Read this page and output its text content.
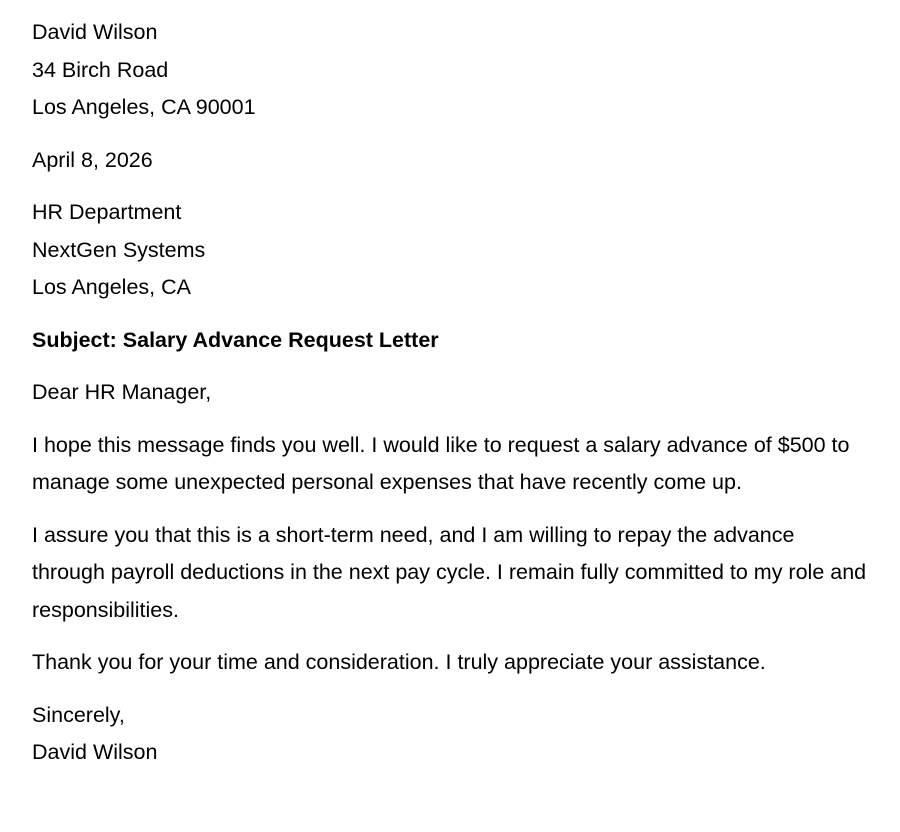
David Wilson
34 Birch Road
Los Angeles, CA 90001
April 8, 2026
HR Department
NextGen Systems
Los Angeles, CA
Subject: Salary Advance Request Letter
Dear HR Manager,

I hope this message finds you well. I would like to request a salary advance of $500 to manage some unexpected personal expenses that have recently come up.

I assure you that this is a short-term need, and I am willing to repay the advance through payroll deductions in the next pay cycle. I remain fully committed to my role and responsibilities.

Thank you for your time and consideration. I truly appreciate your assistance.

Sincerely,
David Wilson
